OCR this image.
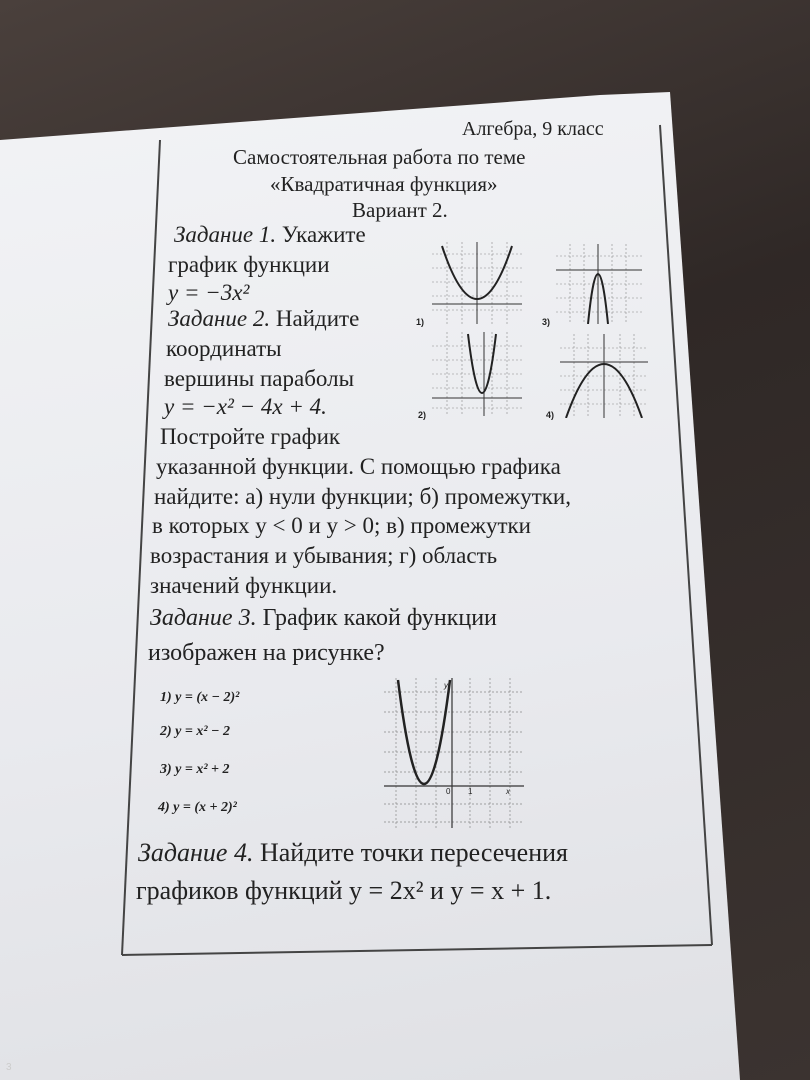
Алгебра, 9 класс
Самостоятельная работа по теме
«Квадратичная функция»
Вариант 2.
Задание 1. Укажите
график функции
y = −3x²
Задание 2. Найдите
координаты
вершины параболы
y = −x² − 4x + 4.
Постройте график
указанной функции. С помощью графика
найдите: а) нули функции; б) промежутки,
в которых y < 0 и y > 0; в) промежутки
возрастания и убывания; г) область
значений функции.
Задание 3. График какой функции
изображен на рисунке?
1) y = (x − 2)²
2) y = x² − 2
3) y = x² + 2
4) y = (x + 2)²
Задание 4. Найдите точки пересечения
графиков функций y = 2x² и y = x + 1.
1)	3)
2)	4)
0 1	x
y
3
